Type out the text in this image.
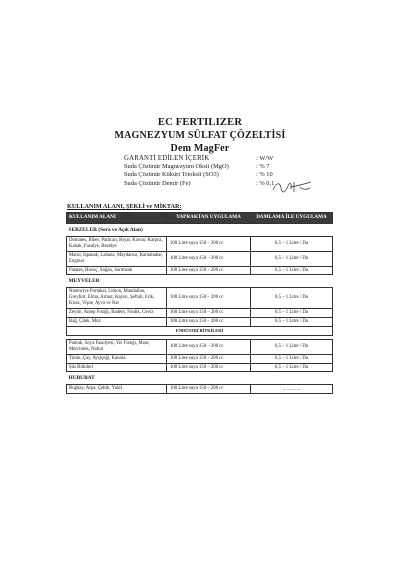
EC FERTILIZER
MAGNEZYUM SÜLFAT ÇÖZELTİSİ
Dem MagFer
GARANTİ EDİLEN İÇERİK	: W/W
Suda Çözünür Magnezyum Oksit (MgO)	: % 7
Suda Çözünür Kükürt Trioksit (SO3)	: % 10
Suda Çözünür Demir (Fe)	: % 0,1
KULLANIM ALANI, ŞEKLİ ve MİKTAR:
KULLANIM ALANI	YAPRAKTAN UYGULAMA	DAMLAMA İLE UYGULAMA
SEBZELER (Sera ve Açık Alan)		
Domates, Biber, Patlıcan, Hıyar, Kavun, Karpuz, Kabak, Fasulye, Bezelye	100 Litre suya 150 – 200 cc	0,5 – 1 Litre / Da
Marul, Ispanak, Lahana, Maydanoz, Karnabahar, Enginar	100 Litre suya 150 – 200 cc	0,5 – 1 Litre / Da
Patates, Havuç, Soğan, Sarımsak	100 Litre suya 150 – 200 cc	0,5 – 1 Litre / Da
MEYVELER		
Narenciye Portakal, Limon, Mandalina, Greyfurt, Elma, Armut, Kayısı, Şeftali, Erik, Kiraz, Vişne, Ayva ve Nar	100 Litre suya 150 – 200 cc	0,5 – 1 Litre / Da
Zeytin, Antep Fıstığı, Badem, Fındık, Ceviz	100 Litre suya 150 – 200 cc	0,5 – 1 Litre / Da
Bağ, Çilek, Muz	100 Litre suya 150 – 200 cc	0,5 – 1 Litre / Da
ENDÜSTRİ BİTKİLERİ		

Pamuk, Soya Fasulyesi, Yer Fıstığı, Mısır, Mercimek, Nohut	100 Litre suya 150 – 200 cc	0,5 – 1 Litre / Da
Tütün, Çay, Ayçiçeği, Kanola	100 Litre suya 150 – 200 cc	0,5 – 1 Litre / Da
Süs Bitkileri	100 Litre suya 150 – 200 cc	0,5 – 1 Litre / Da
HUBUBAT		
Buğday, Arpa, Çeltik, Yulaf	100 Litre suya 150 – 200 cc	_ _ _ _ _
